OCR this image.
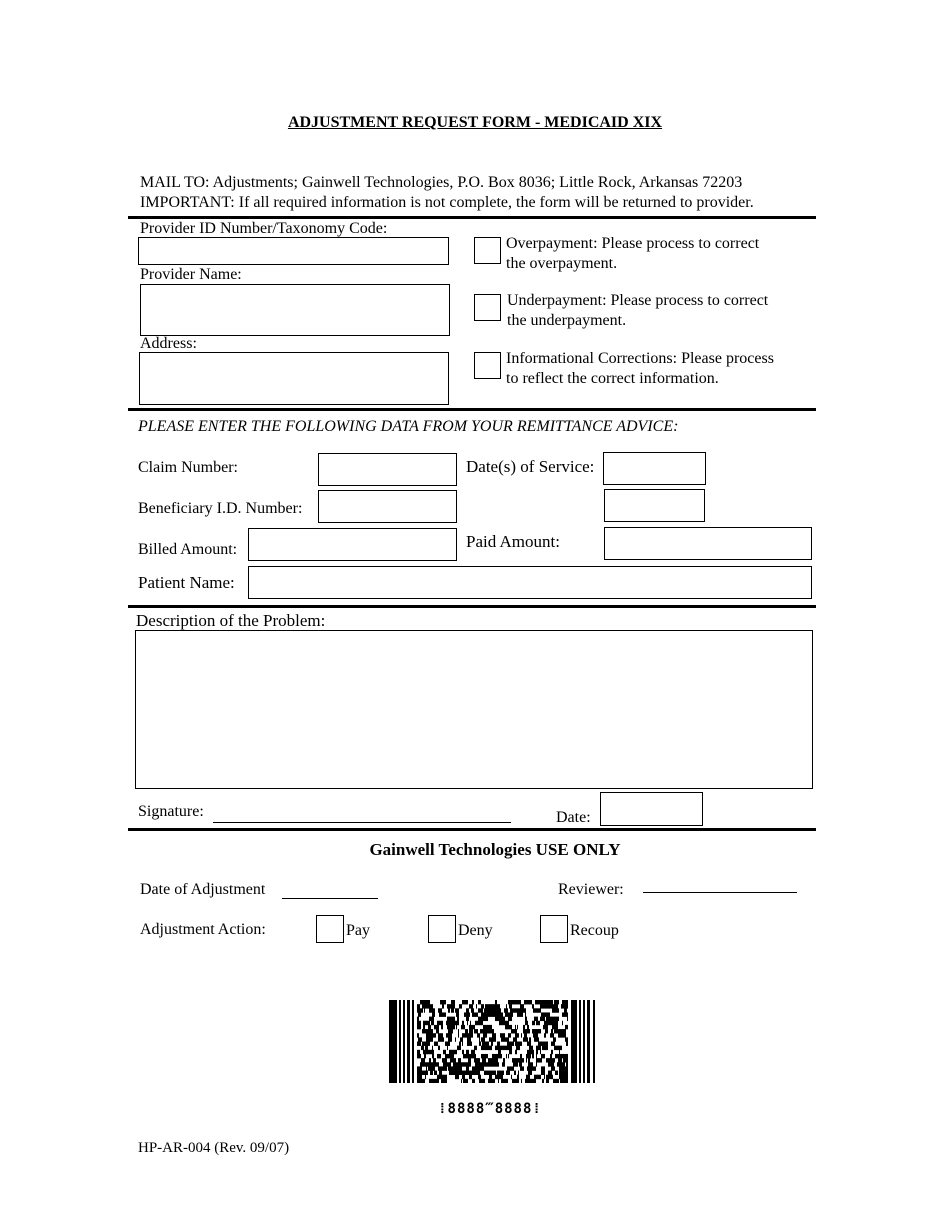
ADJUSTMENT REQUEST FORM - MEDICAID XIX
MAIL TO: Adjustments; Gainwell Technologies, P.O. Box 8036; Little Rock, Arkansas 72203
IMPORTANT: If all required information is not complete, the form will be returned to provider.
Provider ID Number/Taxonomy Code:
Provider Name:
Address:
Overpayment: Please process to correct
the overpayment.
Underpayment: Please process to correct
the underpayment.
Informational Corrections: Please process
to reflect the correct information.
PLEASE ENTER THE FOLLOWING DATA FROM YOUR REMITTANCE ADVICE:
Claim Number:	Date(s) of Service:
Beneficiary I.D. Number:
Billed Amount:	Paid Amount:
Patient Name:
Description of the Problem:
Signature:	Date:
Gainwell Technologies USE ONLY
Date of Adjustment	Reviewer:
Adjustment Action:	Pay	Deny	Recoup
⁞8888‴8888⁞
HP-AR-004 (Rev. 09/07)
